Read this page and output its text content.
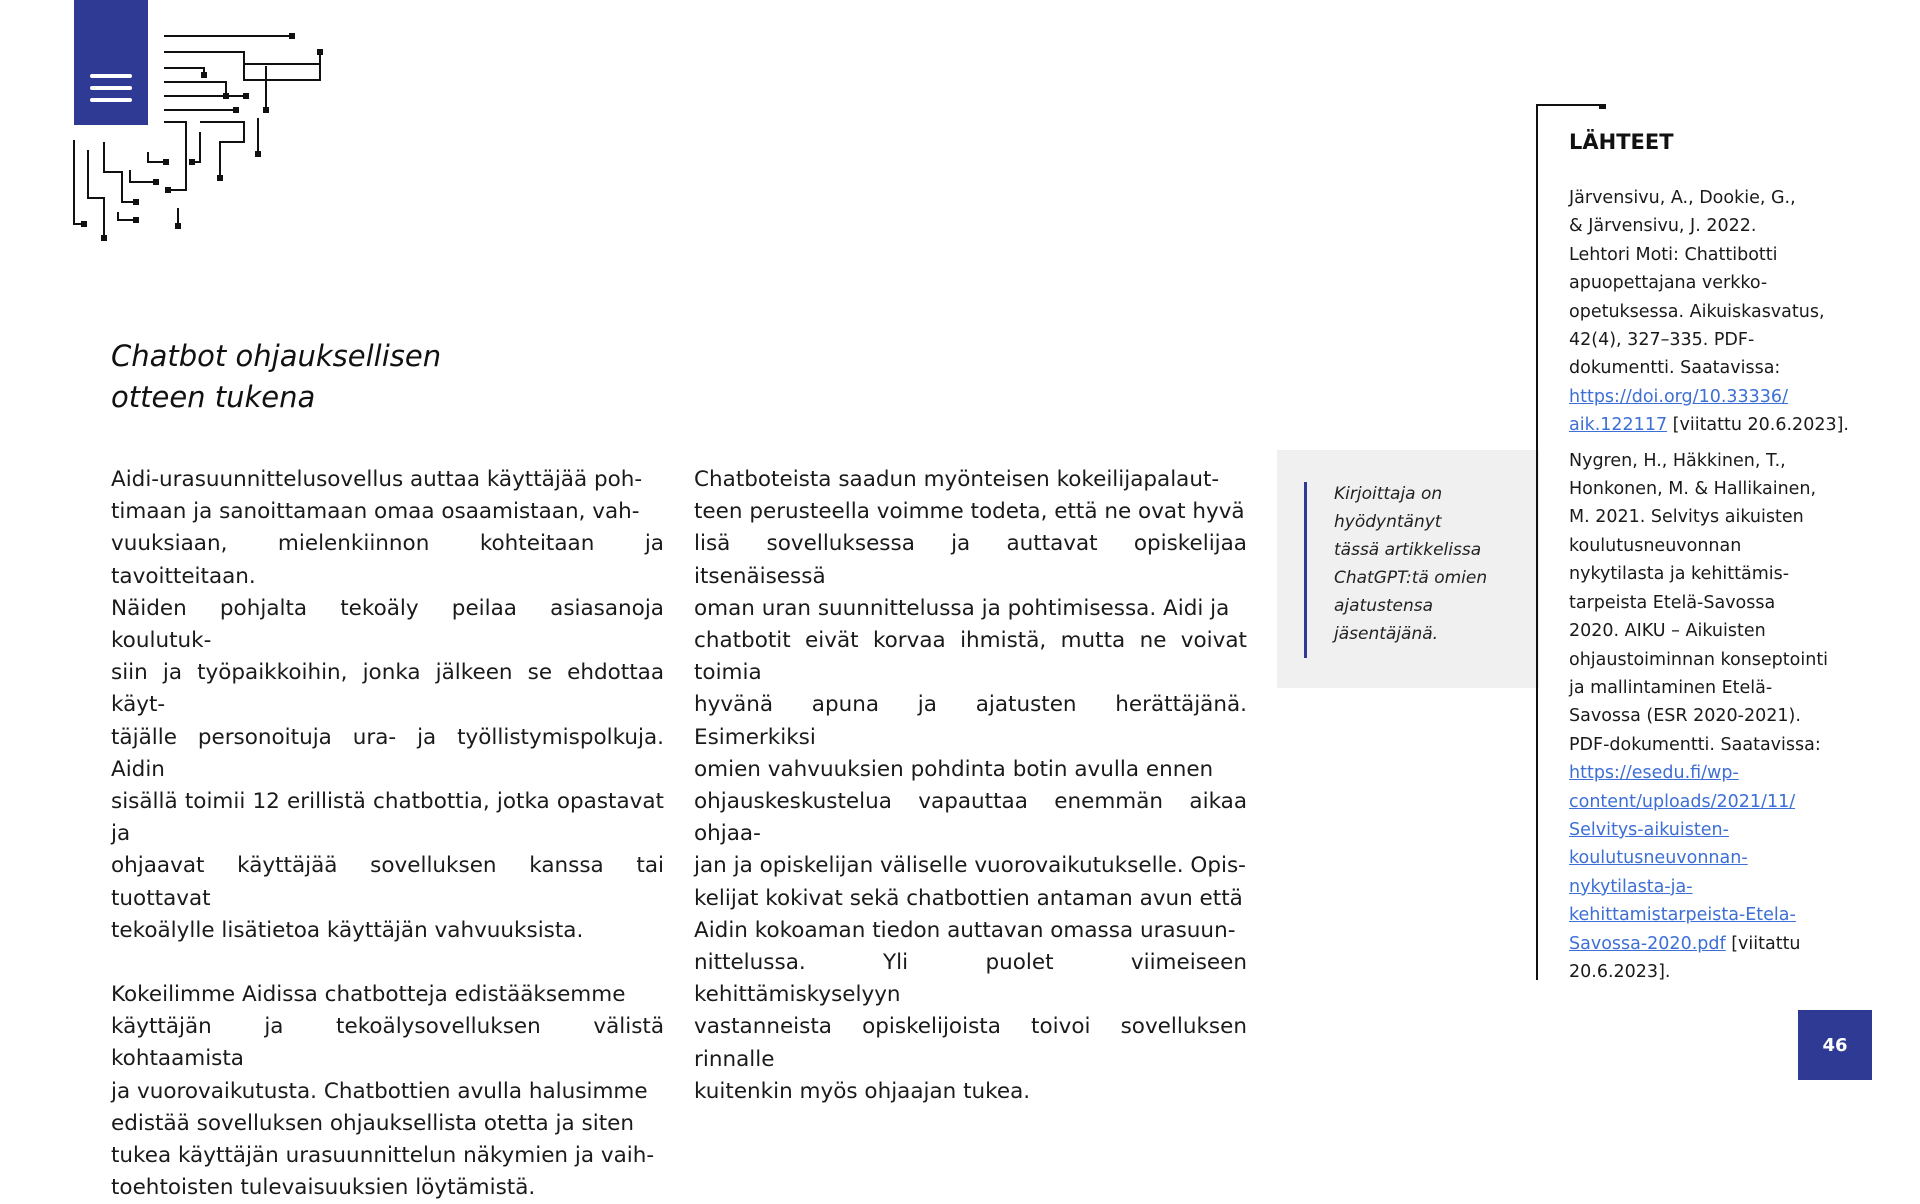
Chatbot ohjauksellisen
otteen tukena

Aidi-urasuunnittelusovellus auttaa käyttäjää poh-
timaan ja sanoittamaan omaa osaamistaan, vah-
vuuksiaan, mielenkiinnon kohteitaan ja tavoitteitaan.
Näiden pohjalta tekoäly peilaa asiasanoja koulutuk-
siin ja työpaikkoihin, jonka jälkeen se ehdottaa käyt-
täjälle personoituja ura- ja työllistymispolkuja. Aidin
sisällä toimii 12 erillistä chatbottia, jotka opastavat ja
ohjaavat käyttäjää sovelluksen kanssa tai tuottavat
tekoälylle lisätietoa käyttäjän vahvuuksista.

Kokeilimme Aidissa chatbotteja edistääksemme
käyttäjän ja tekoälysovelluksen välistä kohtaamista
ja vuorovaikutusta. Chatbottien avulla halusimme
edistää sovelluksen ohjauksellista otetta ja siten
tukea käyttäjän urasuunnittelun näkymien ja vaih-
toehtoisten tulevaisuuksien löytämistä.

Chatboteista saadun myönteisen kokeilijapalaut-
teen perusteella voimme todeta, että ne ovat hyvä
lisä sovelluksessa ja auttavat opiskelijaa itsenäisessä
oman uran suunnittelussa ja pohtimisessa. Aidi ja
chatbotit eivät korvaa ihmistä, mutta ne voivat toimia
hyvänä apuna ja ajatusten herättäjänä. Esimerkiksi
omien vahvuuksien pohdinta botin avulla ennen
ohjauskeskustelua vapauttaa enemmän aikaa ohjaa-
jan ja opiskelijan väliselle vuorovaikutukselle. Opis-
kelijat kokivat sekä chatbottien antaman avun että
Aidin kokoaman tiedon auttavan omassa urasuun-
nittelussa. Yli puolet viimeiseen kehittämiskyselyyn
vastanneista opiskelijoista toivoi sovelluksen rinnalle
kuitenkin myös ohjaajan tukea.

Kirjoittaja on
hyödyntänyt
tässä artikkelissa
ChatGPT:tä omien
ajatustensa
jäsentäjänä.
LÄHTEET
Järvensivu, A., Dookie, G.,
& Järvensivu, J. 2022.
Lehtori Moti: Chattibotti
apuopettajana verkko-
opetuksessa. Aikuiskasvatus,
42(4), 327–335. PDF-
dokumentti. Saatavissa:
https://doi.org/10.33336/
aik.122117 [viitattu 20.6.2023].
Nygren, H., Häkkinen, T.,
Honkonen, M. & Hallikainen,
M. 2021. Selvitys aikuisten
koulutusneuvonnan
nykytilasta ja kehittämis-
tarpeista Etelä-Savossa
2020. AIKU – Aikuisten
ohjaustoiminnan konseptointi
ja mallintaminen Etelä-
Savossa (ESR 2020-2021).
PDF-dokumentti. Saatavissa:
https://esedu.fi/wp-
content/uploads/2021/11/
Selvitys-aikuisten-
koulutusneuvonnan-
nykytilasta-ja-
kehittamistarpeista-Etela-
Savossa-2020.pdf [viitattu
20.6.2023].
46
